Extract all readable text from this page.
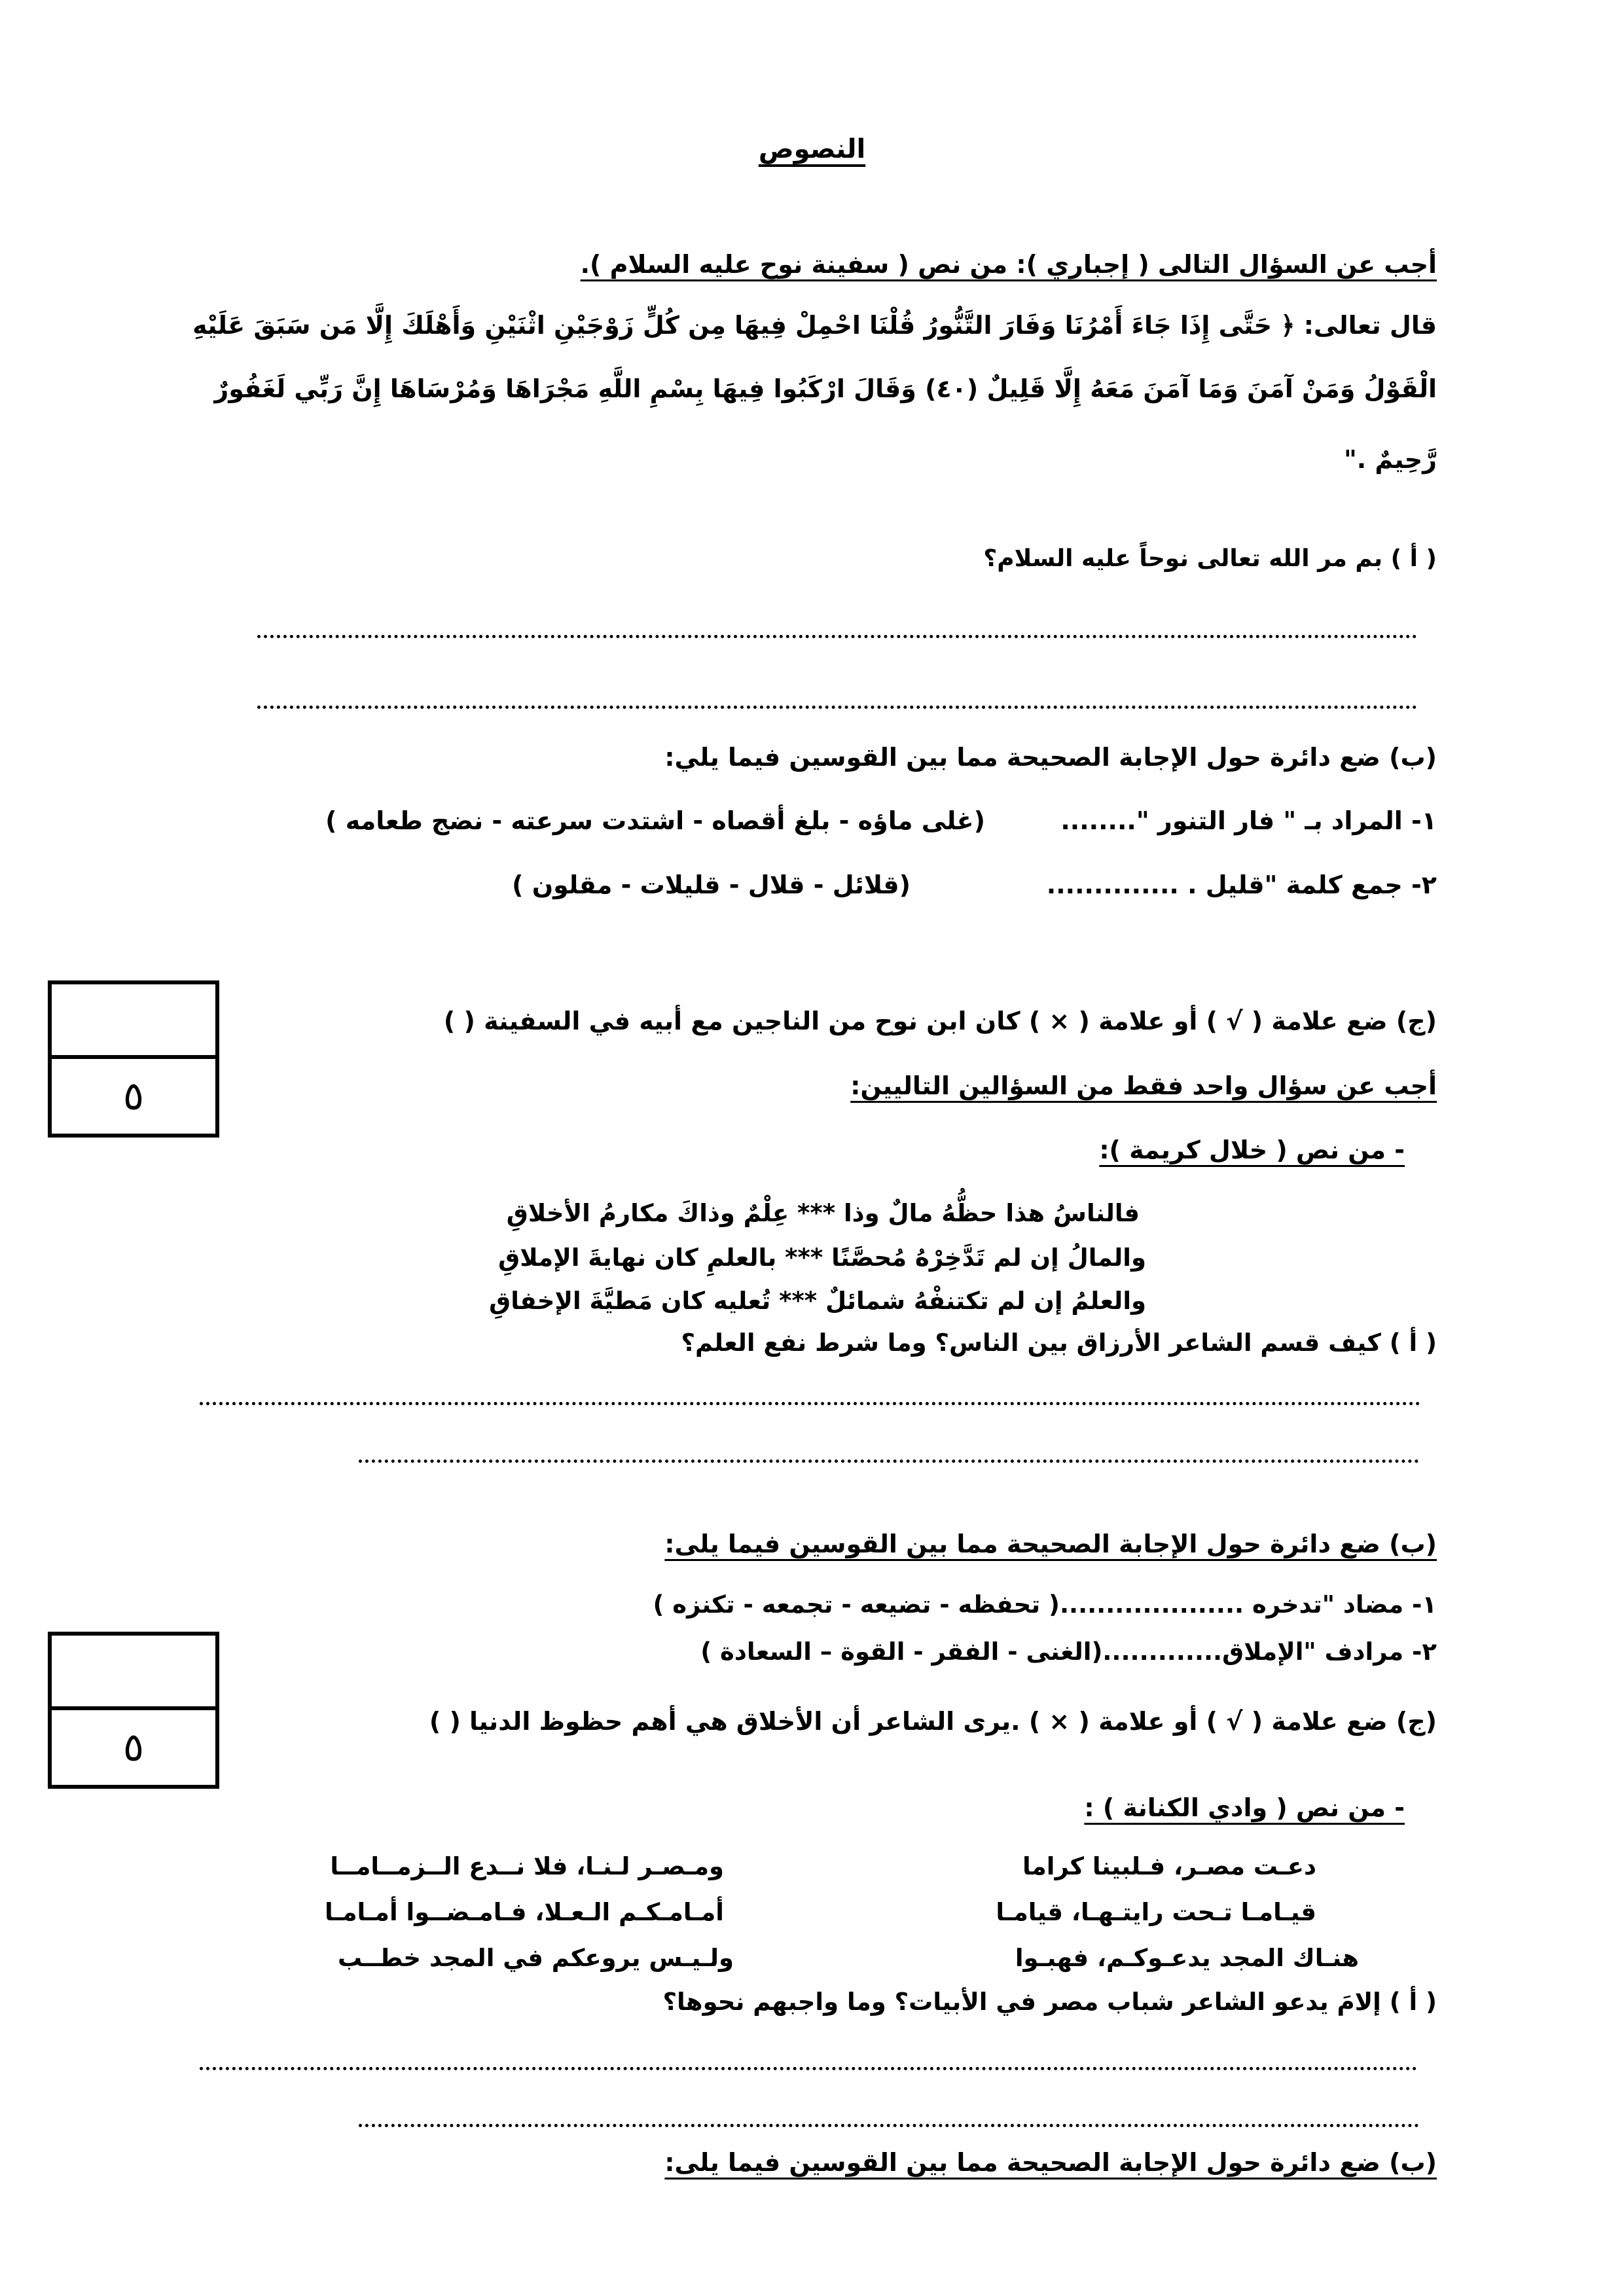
النصوص
أجب عن السؤال التالى ( إجباري ): من نص ( سفينة نوح عليه السلام ).
قال تعالى: ﴿ حَتَّى إِذَا جَاءَ أَمْرُنَا وَفَارَ التَّنُّورُ قُلْنَا احْمِلْ فِيهَا مِن كُلٍّ زَوْجَيْنِ اثْنَيْنِ وَأَهْلَكَ إِلَّا مَن سَبَقَ عَلَيْهِ
الْقَوْلُ وَمَنْ آمَنَ وَمَا آمَنَ مَعَهُ إِلَّا قَلِيلٌ (٤٠) وَقَالَ ارْكَبُوا فِيهَا بِسْمِ اللَّهِ مَجْرَاهَا وَمُرْسَاهَا إِنَّ رَبِّي لَغَفُورٌ
رَّحِيمٌ ."
( أ ) بم مر الله تعالى نوحاً عليه السلام؟
(ب) ضع دائرة حول الإجابة الصحيحة مما بين القوسين فيما يلي:
١- المراد بـ " فار التنور "........
(غلى ماؤه - بلغ أقصاه - اشتدت سرعته - نضج طعامه )
٢- جمع كلمة "قليل . ..............
(قلائل - قلال - قليلات - مقلون )
(ج) ضع علامة ( √ ) أو علامة ( × ) كان ابن نوح من الناجين مع أبيه في السفينة ( )
٥	أجب عن سؤال واحد فقط من السؤالين التاليين:
- من نص ( خلال كريمة ):
فالناسُ هذا حظُّهُ مالٌ وذا *** عِلْمٌ وذاكَ مكارمُ الأخلاقِ
والمالُ إن لم تَدَّخِرْهُ مُحصَّنًا *** بالعلمِ كان نهايةَ الإملاقِ
والعلمُ إن لم تكتنفْهُ شمائلٌ *** تُعليه كان مَطيَّةَ الإخفاقِ
( أ ) كيف قسم الشاعر الأرزاق بين الناس؟ وما شرط نفع العلم؟
(ب) ضع دائرة حول الإجابة الصحيحة مما بين القوسين فيما يلى:
١- مضاد "تدخره ....................( تحفظه - تضيعه - تجمعه - تكنزه )
٢- مرادف "الإملاق.............(الغنى - الفقر - القوة – السعادة )
(ج) ضع علامة ( √ ) أو علامة ( × ) .يرى الشاعر أن الأخلاق هي أهم حظوظ الدنيا ( )
٥
- من نص ( وادي الكنانة ) :
دعـت مصـر، فـلبينا كراما
قيـامـا تـحت رايتـهـا، قيامـا
هنـاك المجد يدعـوكـم، فهبـوا
ومـصـر لـنـا، فلا نــدع الــزمــامــا
أمـامـكـم الـعـلا، فـامـضــوا أمـامـا
ولـيـس يروعكم في المجد خطــب
( أ ) إلامَ يدعو الشاعر شباب مصر في الأبيات؟ وما واجبهم نحوها؟
(ب) ضع دائرة حول الإجابة الصحيحة مما بين القوسين فيما يلى:
